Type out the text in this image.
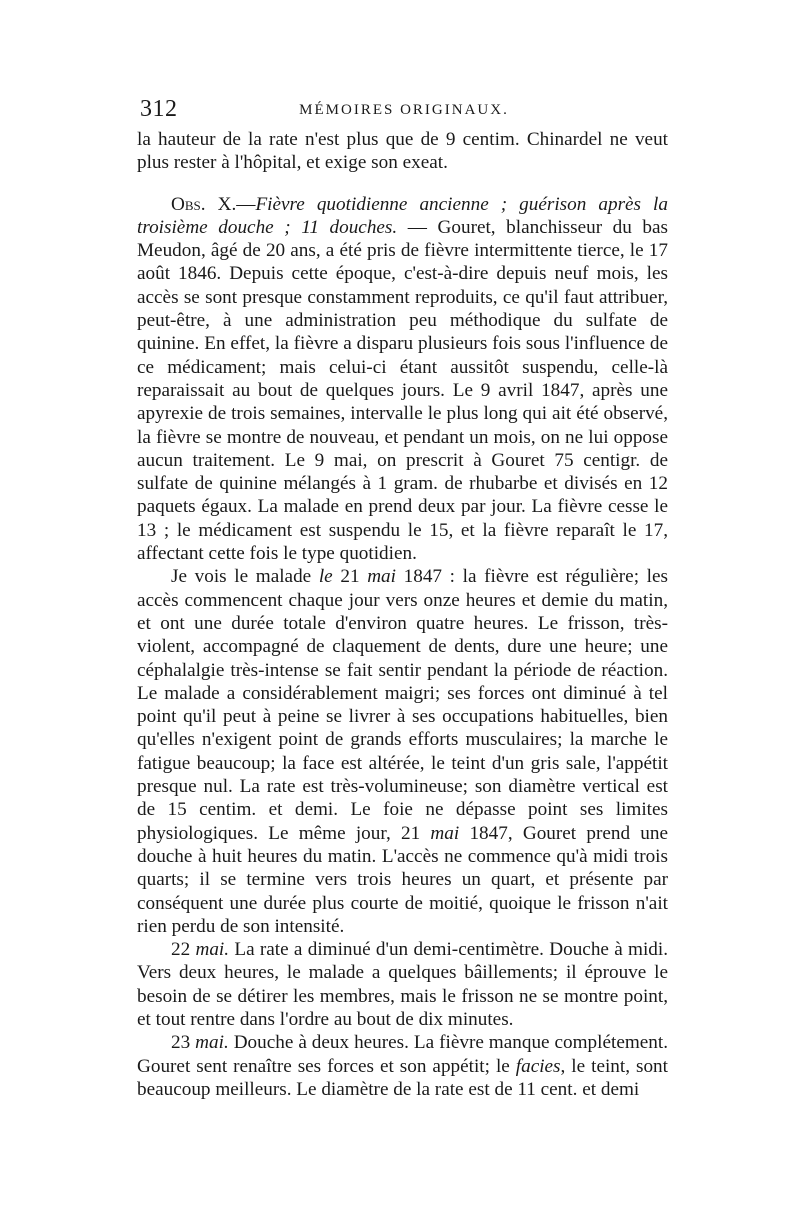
312	MÉMOIRES ORIGINAUX.

la hauteur de la rate n'est plus que de 9 centim. Chinardel ne veut plus rester à l'hôpital, et exige son exeat.

Obs. X.—Fièvre quotidienne ancienne ; guérison après la troisième douche ; 11 douches. — Gouret, blanchisseur du bas Meudon, âgé de 20 ans, a été pris de fièvre intermittente tierce, le 17 août 1846. Depuis cette époque, c'est-à-dire depuis neuf mois, les accès se sont presque constamment reproduits, ce qu'il faut attribuer, peut-être, à une administration peu méthodique du sulfate de quinine. En effet, la fièvre a disparu plusieurs fois sous l'influence de ce médicament; mais celui-ci étant aussitôt suspendu, celle-là reparaissait au bout de quelques jours. Le 9 avril 1847, après une apyrexie de trois semaines, intervalle le plus long qui ait été observé, la fièvre se montre de nouveau, et pendant un mois, on ne lui oppose aucun traitement. Le 9 mai, on prescrit à Gouret 75 centigr. de sulfate de quinine mélangés à 1 gram. de rhubarbe et divisés en 12 paquets égaux. La malade en prend deux par jour. La fièvre cesse le 13 ; le médicament est suspendu le 15, et la fièvre reparaît le 17, affectant cette fois le type quotidien.

Je vois le malade le 21 mai 1847 : la fièvre est régulière; les accès commencent chaque jour vers onze heures et demie du matin, et ont une durée totale d'environ quatre heures. Le frisson, très-violent, accompagné de claquement de dents, dure une heure; une céphalalgie très-intense se fait sentir pendant la période de réaction. Le malade a considérablement maigri; ses forces ont diminué à tel point qu'il peut à peine se livrer à ses occupations habituelles, bien qu'elles n'exigent point de grands efforts musculaires; la marche le fatigue beaucoup; la face est altérée, le teint d'un gris sale, l'appétit presque nul. La rate est très-volumineuse; son diamètre vertical est de 15 centim. et demi. Le foie ne dépasse point ses limites physiologiques. Le même jour, 21 mai 1847, Gouret prend une douche à huit heures du matin. L'accès ne commence qu'à midi trois quarts; il se termine vers trois heures un quart, et présente par conséquent une durée plus courte de moitié, quoique le frisson n'ait rien perdu de son intensité.

22 mai. La rate a diminué d'un demi-centimètre. Douche à midi. Vers deux heures, le malade a quelques bâillements; il éprouve le besoin de se détirer les membres, mais le frisson ne se montre point, et tout rentre dans l'ordre au bout de dix minutes.

23 mai. Douche à deux heures. La fièvre manque complétement. Gouret sent renaître ses forces et son appétit; le facies, le teint, sont beaucoup meilleurs. Le diamètre de la rate est de 11 cent. et demi
